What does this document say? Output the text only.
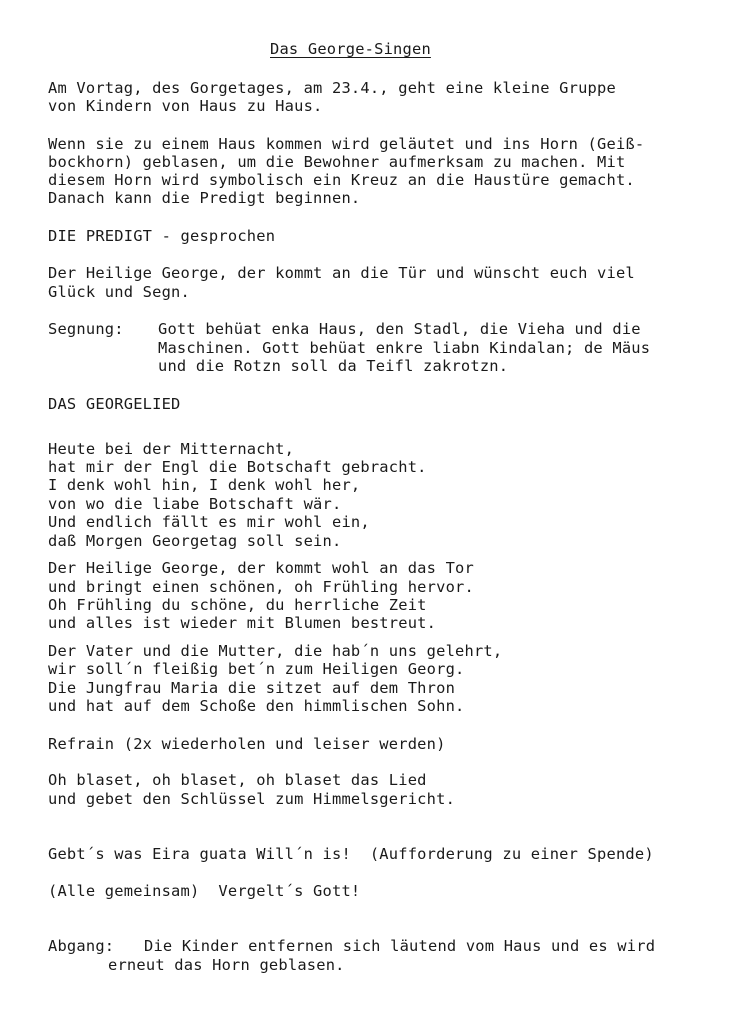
Das George-Singen

Am Vortag, des Gorgetages, am 23.4., geht eine kleine Gruppe

von Kindern von Haus zu Haus.

Wenn sie zu einem Haus kommen wird geläutet und ins Horn (Geiß-

bockhorn) geblasen, um die Bewohner aufmerksam zu machen. Mit

diesem Horn wird symbolisch ein Kreuz an die Haustüre gemacht.

Danach kann die Predigt beginnen.

DIE PREDIGT - gesprochen

Der Heilige George, der kommt an die Tür und wünscht euch viel

Glück und Segn.

Segnung: Gott behüat enka Haus, den Stadl, die Vieha und die

Maschinen. Gott behüat enkre liabn Kindalan; de Mäus

und die Rotzn soll da Teifl zakrotzn.

DAS GEORGELIED

Heute bei der Mitternacht,

hat mir der Engl die Botschaft gebracht.

I denk wohl hin, I denk wohl her,

von wo die liabe Botschaft wär.

Und endlich fällt es mir wohl ein,

daß Morgen Georgetag soll sein.

Der Heilige George, der kommt wohl an das Tor

und bringt einen schönen, oh Frühling hervor.

Oh Frühling du schöne, du herrliche Zeit

und alles ist wieder mit Blumen bestreut.

Der Vater und die Mutter, die hab´n uns gelehrt,

wir soll´n fleißig bet´n zum Heiligen Georg.

Die Jungfrau Maria die sitzet auf dem Thron

und hat auf dem Schoße den himmlischen Sohn.

Refrain (2x wiederholen und leiser werden)

Oh blaset, oh blaset, oh blaset das Lied

und gebet den Schlüssel zum Himmelsgericht.

Gebt´s was Eira guata Will´n is!  (Aufforderung zu einer Spende)

(Alle gemeinsam)  Vergelt´s Gott!

Abgang: Die Kinder entfernen sich läutend vom Haus und es wird

erneut das Horn geblasen.
